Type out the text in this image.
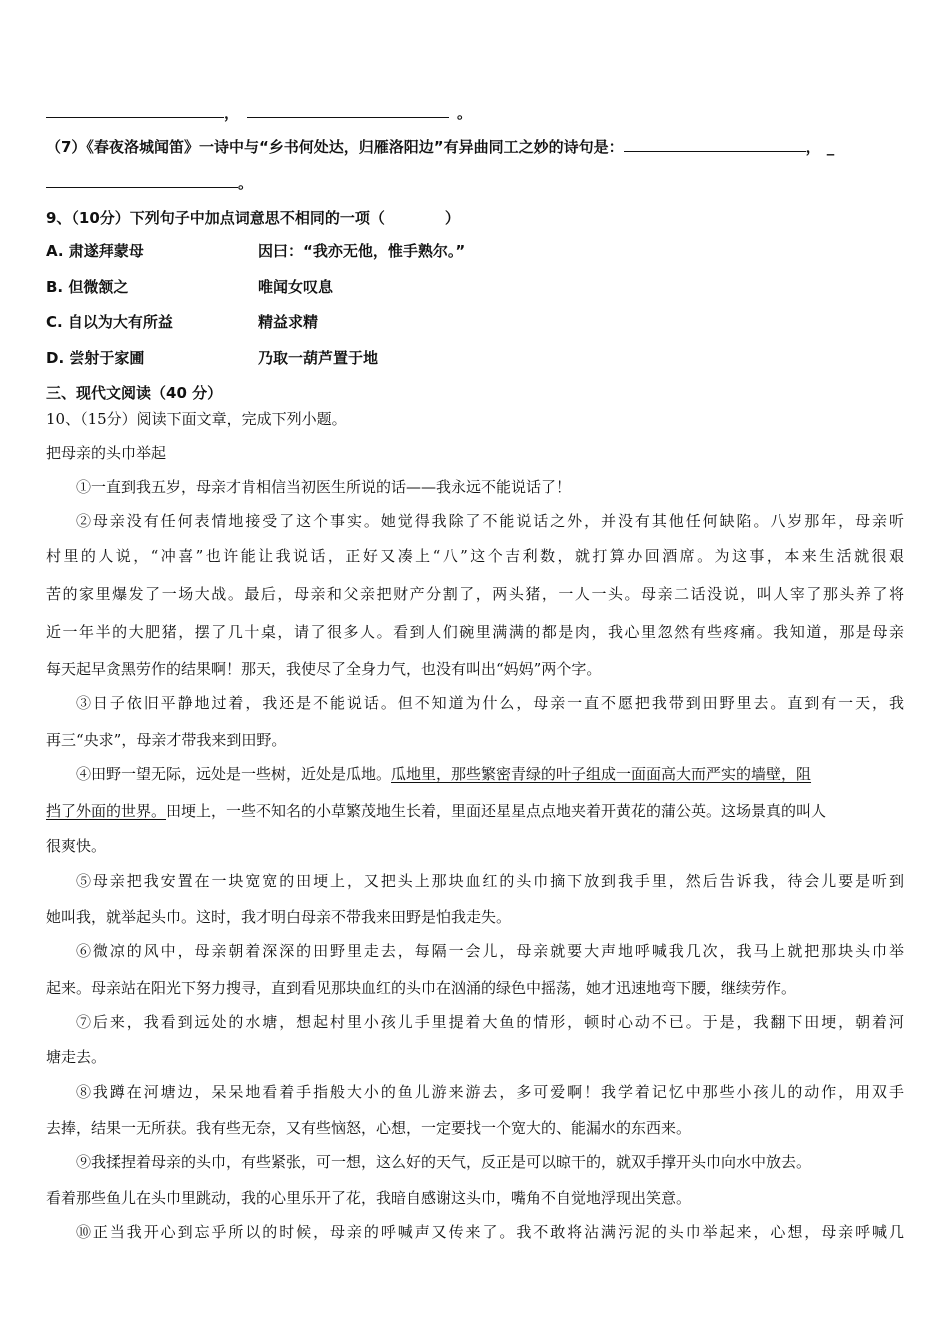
，	。
（7）《春夜洛城闻笛》一诗中与“乡书何处达，归雁洛阳边”有异曲同工之妙的诗句是：	， _
。
9、（10分）下列句子中加点词意思不相同的一项（　　　　）
A. 肃遂拜蒙母	因曰：“我亦无他，惟手熟尔。”
B. 但微颔之	唯闻女叹息
C. 自以为大有所益	精益求精
D. 尝射于家圃	乃取一葫芦置于地
三、现代文阅读（40 分）
10、（15分）阅读下面文章，完成下列小题。
把母亲的头巾举起
①一直到我五岁，母亲才肯相信当初医生所说的话——我永远不能说话了！
②母亲没有任何表情地接受了这个事实。她觉得我除了不能说话之外，并没有其他任何缺陷。八岁那年，母亲听
村里的人说，“冲喜”也许能让我说话，正好又凑上“八”这个吉利数，就打算办回酒席。为这事，本来生活就很艰
苦的家里爆发了一场大战。最后，母亲和父亲把财产分割了，两头猪，一人一头。母亲二话没说，叫人宰了那头养了将
近一年半的大肥猪，摆了几十桌，请了很多人。看到人们碗里满满的都是肉，我心里忽然有些疼痛。我知道，那是母亲
每天起早贪黑劳作的结果啊！那天，我使尽了全身力气，也没有叫出“妈妈”两个字。
③日子依旧平静地过着，我还是不能说话。但不知道为什么，母亲一直不愿把我带到田野里去。直到有一天，我
再三“央求”，母亲才带我来到田野。
④田野一望无际，远处是一些树，近处是瓜地。瓜地里，那些繁密青绿的叶子组成一面面高大而严实的墙壁，阻
挡了外面的世界。田埂上，一些不知名的小草繁茂地生长着，里面还星星点点地夹着开黄花的蒲公英。这场景真的叫人
很爽快。
⑤母亲把我安置在一块宽宽的田埂上，又把头上那块血红的头巾摘下放到我手里，然后告诉我，待会儿要是听到
她叫我，就举起头巾。这时，我才明白母亲不带我来田野是怕我走失。
⑥微凉的风中，母亲朝着深深的田野里走去，每隔一会儿，母亲就要大声地呼喊我几次，我马上就把那块头巾举
起来。母亲站在阳光下努力搜寻，直到看见那块血红的头巾在汹涌的绿色中摇荡，她才迅速地弯下腰，继续劳作。
⑦后来，我看到远处的水塘，想起村里小孩儿手里提着大鱼的情形，顿时心动不已。于是，我翻下田埂，朝着河
塘走去。
⑧我蹲在河塘边，呆呆地看着手指般大小的鱼儿游来游去，多可爱啊！我学着记忆中那些小孩儿的动作，用双手
去捧，结果一无所获。我有些无奈，又有些恼怒，心想，一定要找一个宽大的、能漏水的东西来。
⑨我揉捏着母亲的头巾，有些紧张，可一想，这么好的天气，反正是可以晾干的，就双手撑开头巾向水中放去。
看着那些鱼儿在头巾里跳动，我的心里乐开了花，我暗自感谢这头巾，嘴角不自觉地浮现出笑意。
⑩正当我开心到忘乎所以的时候，母亲的呼喊声又传来了。我不敢将沾满污泥的头巾举起来，心想，母亲呼喊几
